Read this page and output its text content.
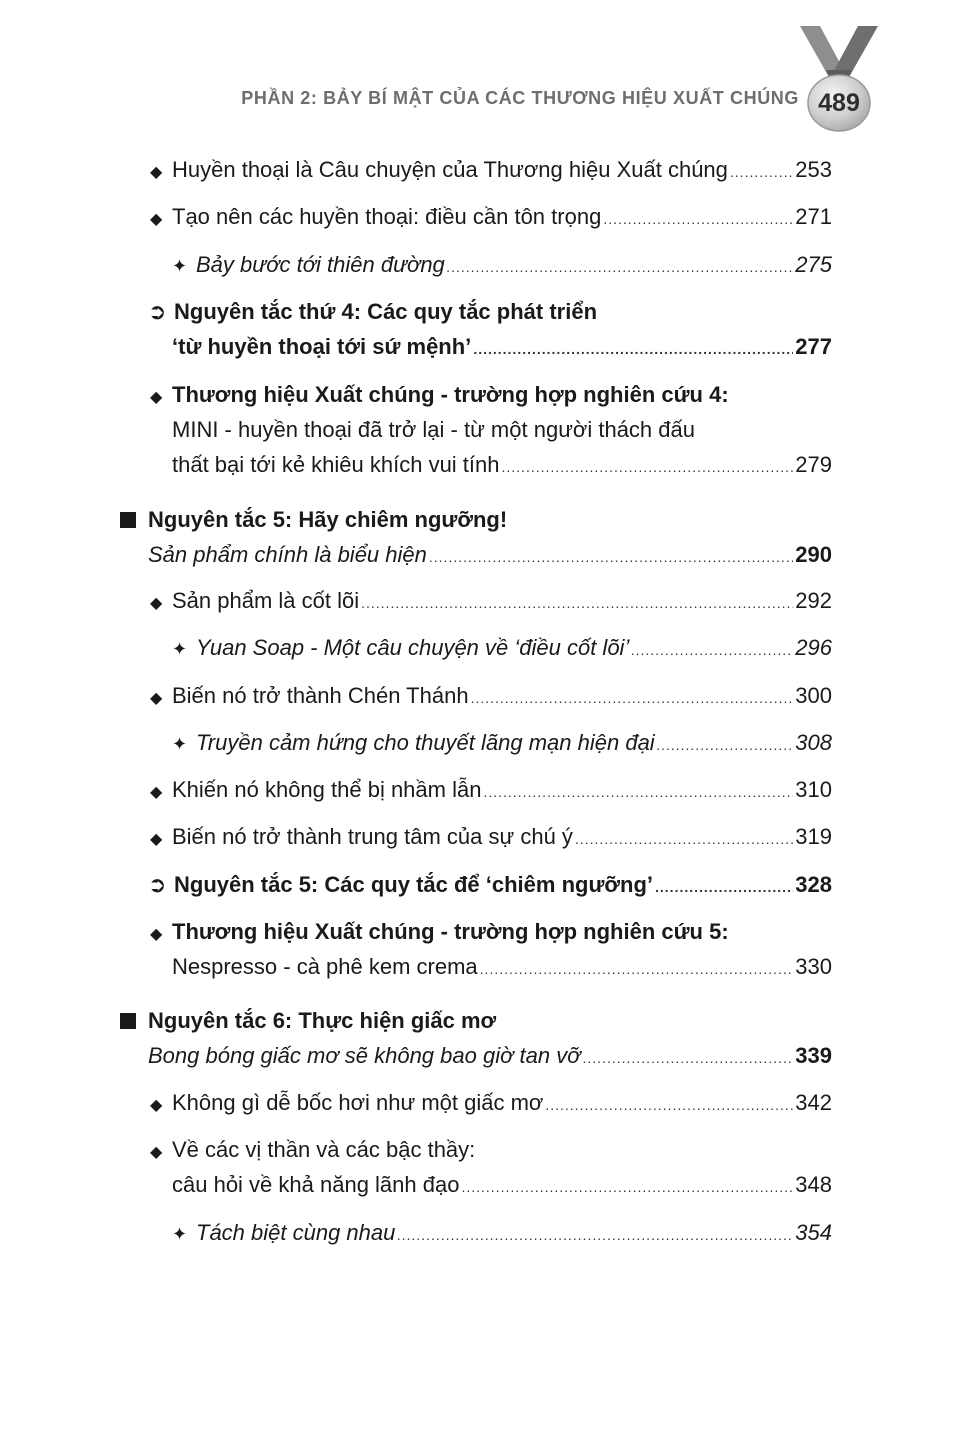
PHẦN 2: BẢY BÍ MẬT CỦA CÁC THƯƠNG HIỆU XUẤT CHÚNG 489
◆ Huyền thoại là Câu chuyện của Thương hiệu Xuất chúng .....	253
◆ Tạo nên các huyền thoại: điều cần tôn trọng .....	271
✦ Bảy bước tới thiên đường .....	275
➲ Nguyên tắc thứ 4: Các quy tắc phát triển
‘từ huyền thoại tới sứ mệnh’ .....	277
◆ Thương hiệu Xuất chúng - trường hợp nghiên cứu 4:
MINI - huyền thoại đã trở lại - từ một người thách đấu
thất bại tới kẻ khiêu khích vui tính .....	279
Nguyên tắc 5: Hãy chiêm ngưỡng!
Sản phẩm chính là biểu hiện .....	290
◆ Sản phẩm là cốt lõi .....	292
✦ Yuan Soap - Một câu chuyện về ‘điều cốt lõi’ .....	296
◆ Biến nó trở thành Chén Thánh .....	300
✦ Truyền cảm hứng cho thuyết lãng mạn hiện đại .....	308
◆ Khiến nó không thể bị nhầm lẫn .....	310
◆ Biến nó trở thành trung tâm của sự chú ý .....	319
➲ Nguyên tắc 5: Các quy tắc để ‘chiêm ngưỡng’ .....	328
◆ Thương hiệu Xuất chúng - trường hợp nghiên cứu 5:
Nespresso - cà phê kem crema .....	330
Nguyên tắc 6: Thực hiện giấc mơ
Bong bóng giấc mơ sẽ không bao giờ tan vỡ .....	339
◆ Không gì dễ bốc hơi như một giấc mơ .....	342
◆ Về các vị thần và các bậc thầy:
câu hỏi về khả năng lãnh đạo .....	348
✦ Tách biệt cùng nhau .....	354
